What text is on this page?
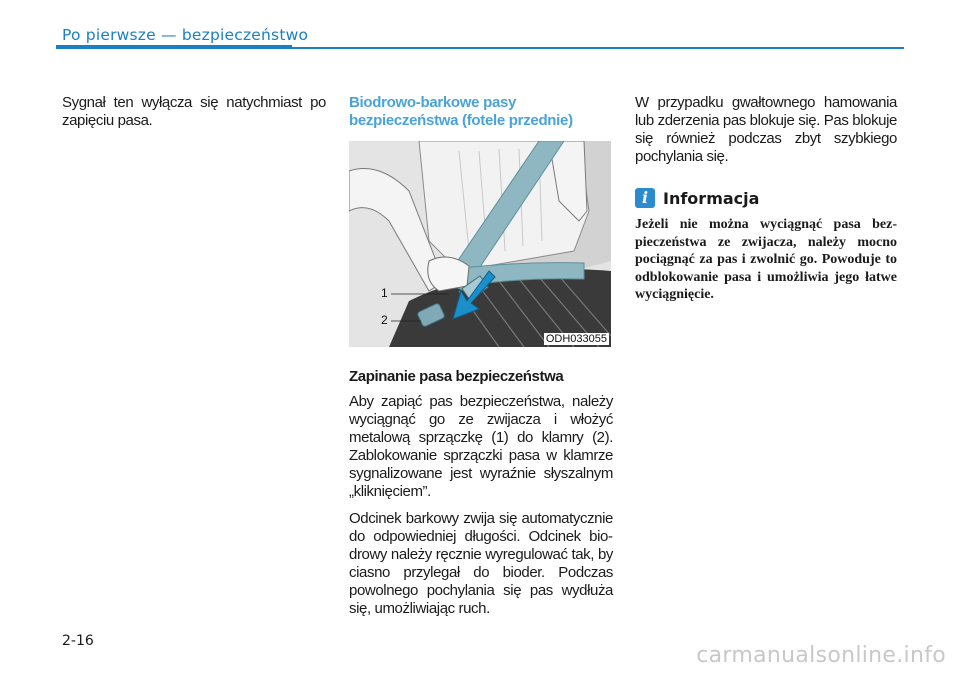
Po pierwsze — bezpieczeństwo

Sygnał ten wyłącza się natychmiast po zapięciu pasa.

Biodrowo-barkowe pasy
bezpieczeństwa (fotele przednie)

1
2
ODH033055

Zapinanie pasa bezpieczeństwa

Aby zapiąć pas bezpieczeństwa, należy wyciągnąć go ze zwijacza i włożyć metalową sprzączkę (1) do klamry (2). Zablokowanie sprzączki pasa w klamrze sygnalizowane jest wyraźnie słyszalnym „kliknięciem”.

Odcinek barkowy zwija się automatycznie do odpowiedniej długości. Odcinek biodrowy należy ręcznie wyregulować tak, by ciasno przylegał do bioder. Podczas powolnego pochylania się pas wydłuża się, umożliwiając ruch.

W przypadku gwałtownego hamowania lub zderzenia pas blokuje się. Pas blokuje się również podczas zbyt szybkiego pochylania się.

i Informacja

Jeżeli nie można wyciągnąć pasa bezpieczeństwa ze zwijacza, należy mocno pociągnąć za pas i zwolnić go. Powoduje to odblokowanie pasa i umożliwia jego łatwe wyciągnięcie.

2-16
carmanualsonline.info
